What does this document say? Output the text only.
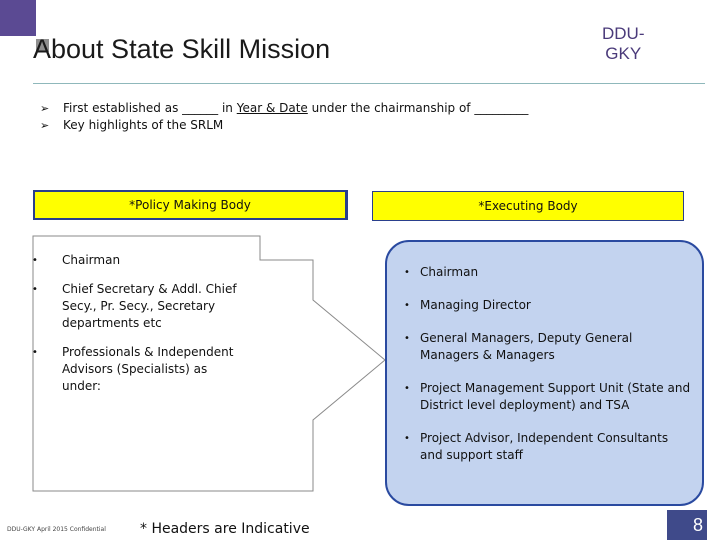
About State Skill Mission
DDU-
GKY
➢	First established as ______ in Year & Date under the chairmanship of _________
➢	Key highlights of the SRLM
*Policy Making Body	*Executing Body
•	Chairman
•	Chief Secretary & Addl. Chief Secy., Pr. Secy., Secretary departments etc
•	Professionals & Independent Advisors (Specialists) as under:
• Chairman
• Managing Director
• General Managers, Deputy General Managers & Managers
• Project Management Support Unit (State and District level deployment) and TSA
• Project Advisor, Independent Consultants and support staff
DDU-GKY April 2015 Confidential * Headers are Indicative	8
